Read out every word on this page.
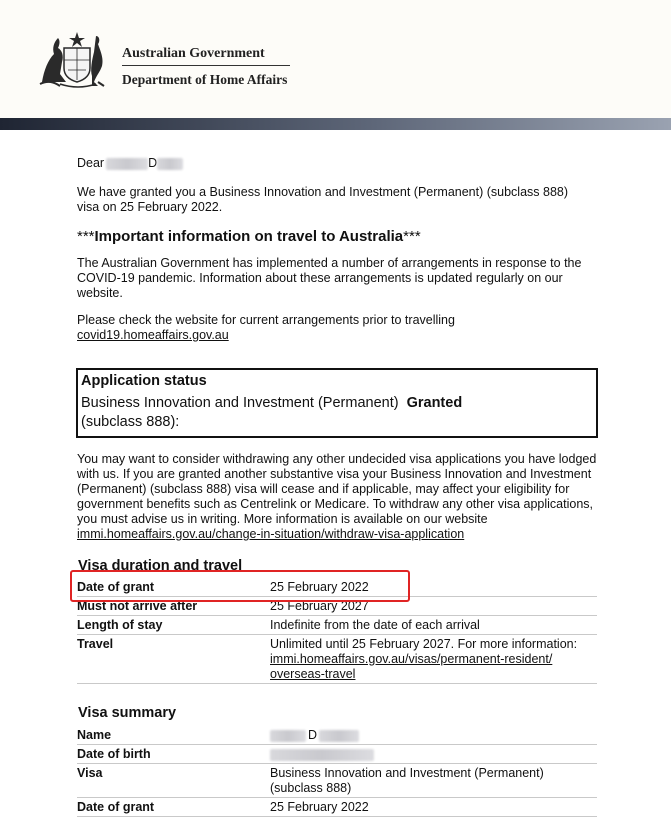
Australian Government
Department of Home Affairs

Dear	D

We have granted you a Business Innovation and Investment (Permanent) (subclass 888) visa on 25 February 2022.

***Important information on travel to Australia***

The Australian Government has implemented a number of arrangements in response to the COVID-19 pandemic. Information about these arrangements is updated regularly on our website.

Please check the website for current arrangements prior to travelling

covid19.homeaffairs.gov.au

Application status
Business Innovation and Investment (Permanent) Granted
(subclass 888):
You may want to consider withdrawing any other undecided visa applications you have lodged with us. If you are granted another substantive visa your Business Innovation and Investment (Permanent) (subclass 888) visa will cease and if applicable, may affect your eligibility for government benefits such as Centrelink or Medicare. To withdraw any other visa applications, you must advise us in writing. More information is available on our website immi.homeaffairs.gov.au/change-in-situation/withdraw-visa-application
Visa duration and travel
Date of grant	25 February 2022
Must not arrive after	25 February 2027
Length of stay	Indefinite from the date of each arrival
Travel	Unlimited until 25 February 2027. For more information:
immi.homeaffairs.gov.au/visas/permanent-resident/
overseas-travel
Visa summary
Name	D
Date of birth	
Visa	Business Innovation and Investment (Permanent) (subclass 888)
Date of grant	25 February 2022
